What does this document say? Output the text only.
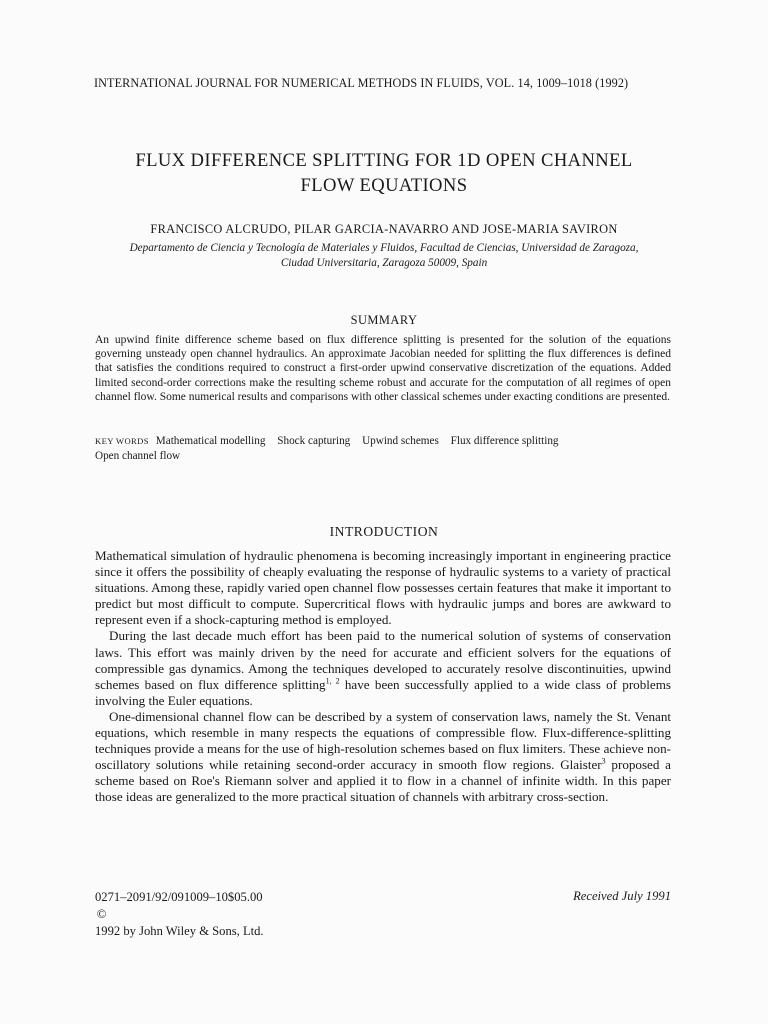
INTERNATIONAL JOURNAL FOR NUMERICAL METHODS IN FLUIDS, VOL. 14, 1009–1018 (1992)
FLUX DIFFERENCE SPLITTING FOR 1D OPEN CHANNEL
FLOW EQUATIONS
FRANCISCO ALCRUDO, PILAR GARCIA-NAVARRO AND JOSE-MARIA SAVIRON
Departamento de Ciencia y Tecnología de Materiales y Fluidos, Facultad de Ciencias, Universidad de Zaragoza,
Ciudad Universitaria, Zaragoza 50009, Spain
SUMMARY
An upwind finite difference scheme based on flux difference splitting is presented for the solution of the equations governing unsteady open channel hydraulics. An approximate Jacobian needed for splitting the flux differences is defined that satisfies the conditions required to construct a first-order upwind conservative discretization of the equations. Added limited second-order corrections make the resulting scheme robust and accurate for the computation of all regimes of open channel flow. Some numerical results and comparisons with other classical schemes under exacting conditions are presented.
KEY WORDS Mathematical modelling Shock capturing Upwind schemes Flux difference splitting
Open channel flow
INTRODUCTION

Mathematical simulation of hydraulic phenomena is becoming increasingly important in engineering practice since it offers the possibility of cheaply evaluating the response of hydraulic systems to a variety of practical situations. Among these, rapidly varied open channel flow possesses certain features that make it important to predict but most difficult to compute. Supercritical flows with hydraulic jumps and bores are awkward to represent even if a shock-capturing method is employed.

During the last decade much effort has been paid to the numerical solution of systems of conservation laws. This effort was mainly driven by the need for accurate and efficient solvers for the equations of compressible gas dynamics. Among the techniques developed to accurately resolve discontinuities, upwind schemes based on flux difference splitting$^{1, 2}$ have been successfully applied to a wide class of problems involving the Euler equations.

One-dimensional channel flow can be described by a system of conservation laws, namely the St. Venant equations, which resemble in many respects the equations of compressible flow. Flux-difference-splitting techniques provide a means for the use of high-resolution schemes based on flux limiters. These achieve non-oscillatory solutions while retaining second-order accuracy in smooth flow regions. Glaister$^3$ proposed a scheme based on Roe's Riemann solver and applied it to flow in a channel of infinite width. In this paper those ideas are generalized to the more practical situation of channels with arbitrary cross-section.

0271–2091/92/091009–10$05.00
©
1992 by John Wiley & Sons, Ltd.
Received July 1991
